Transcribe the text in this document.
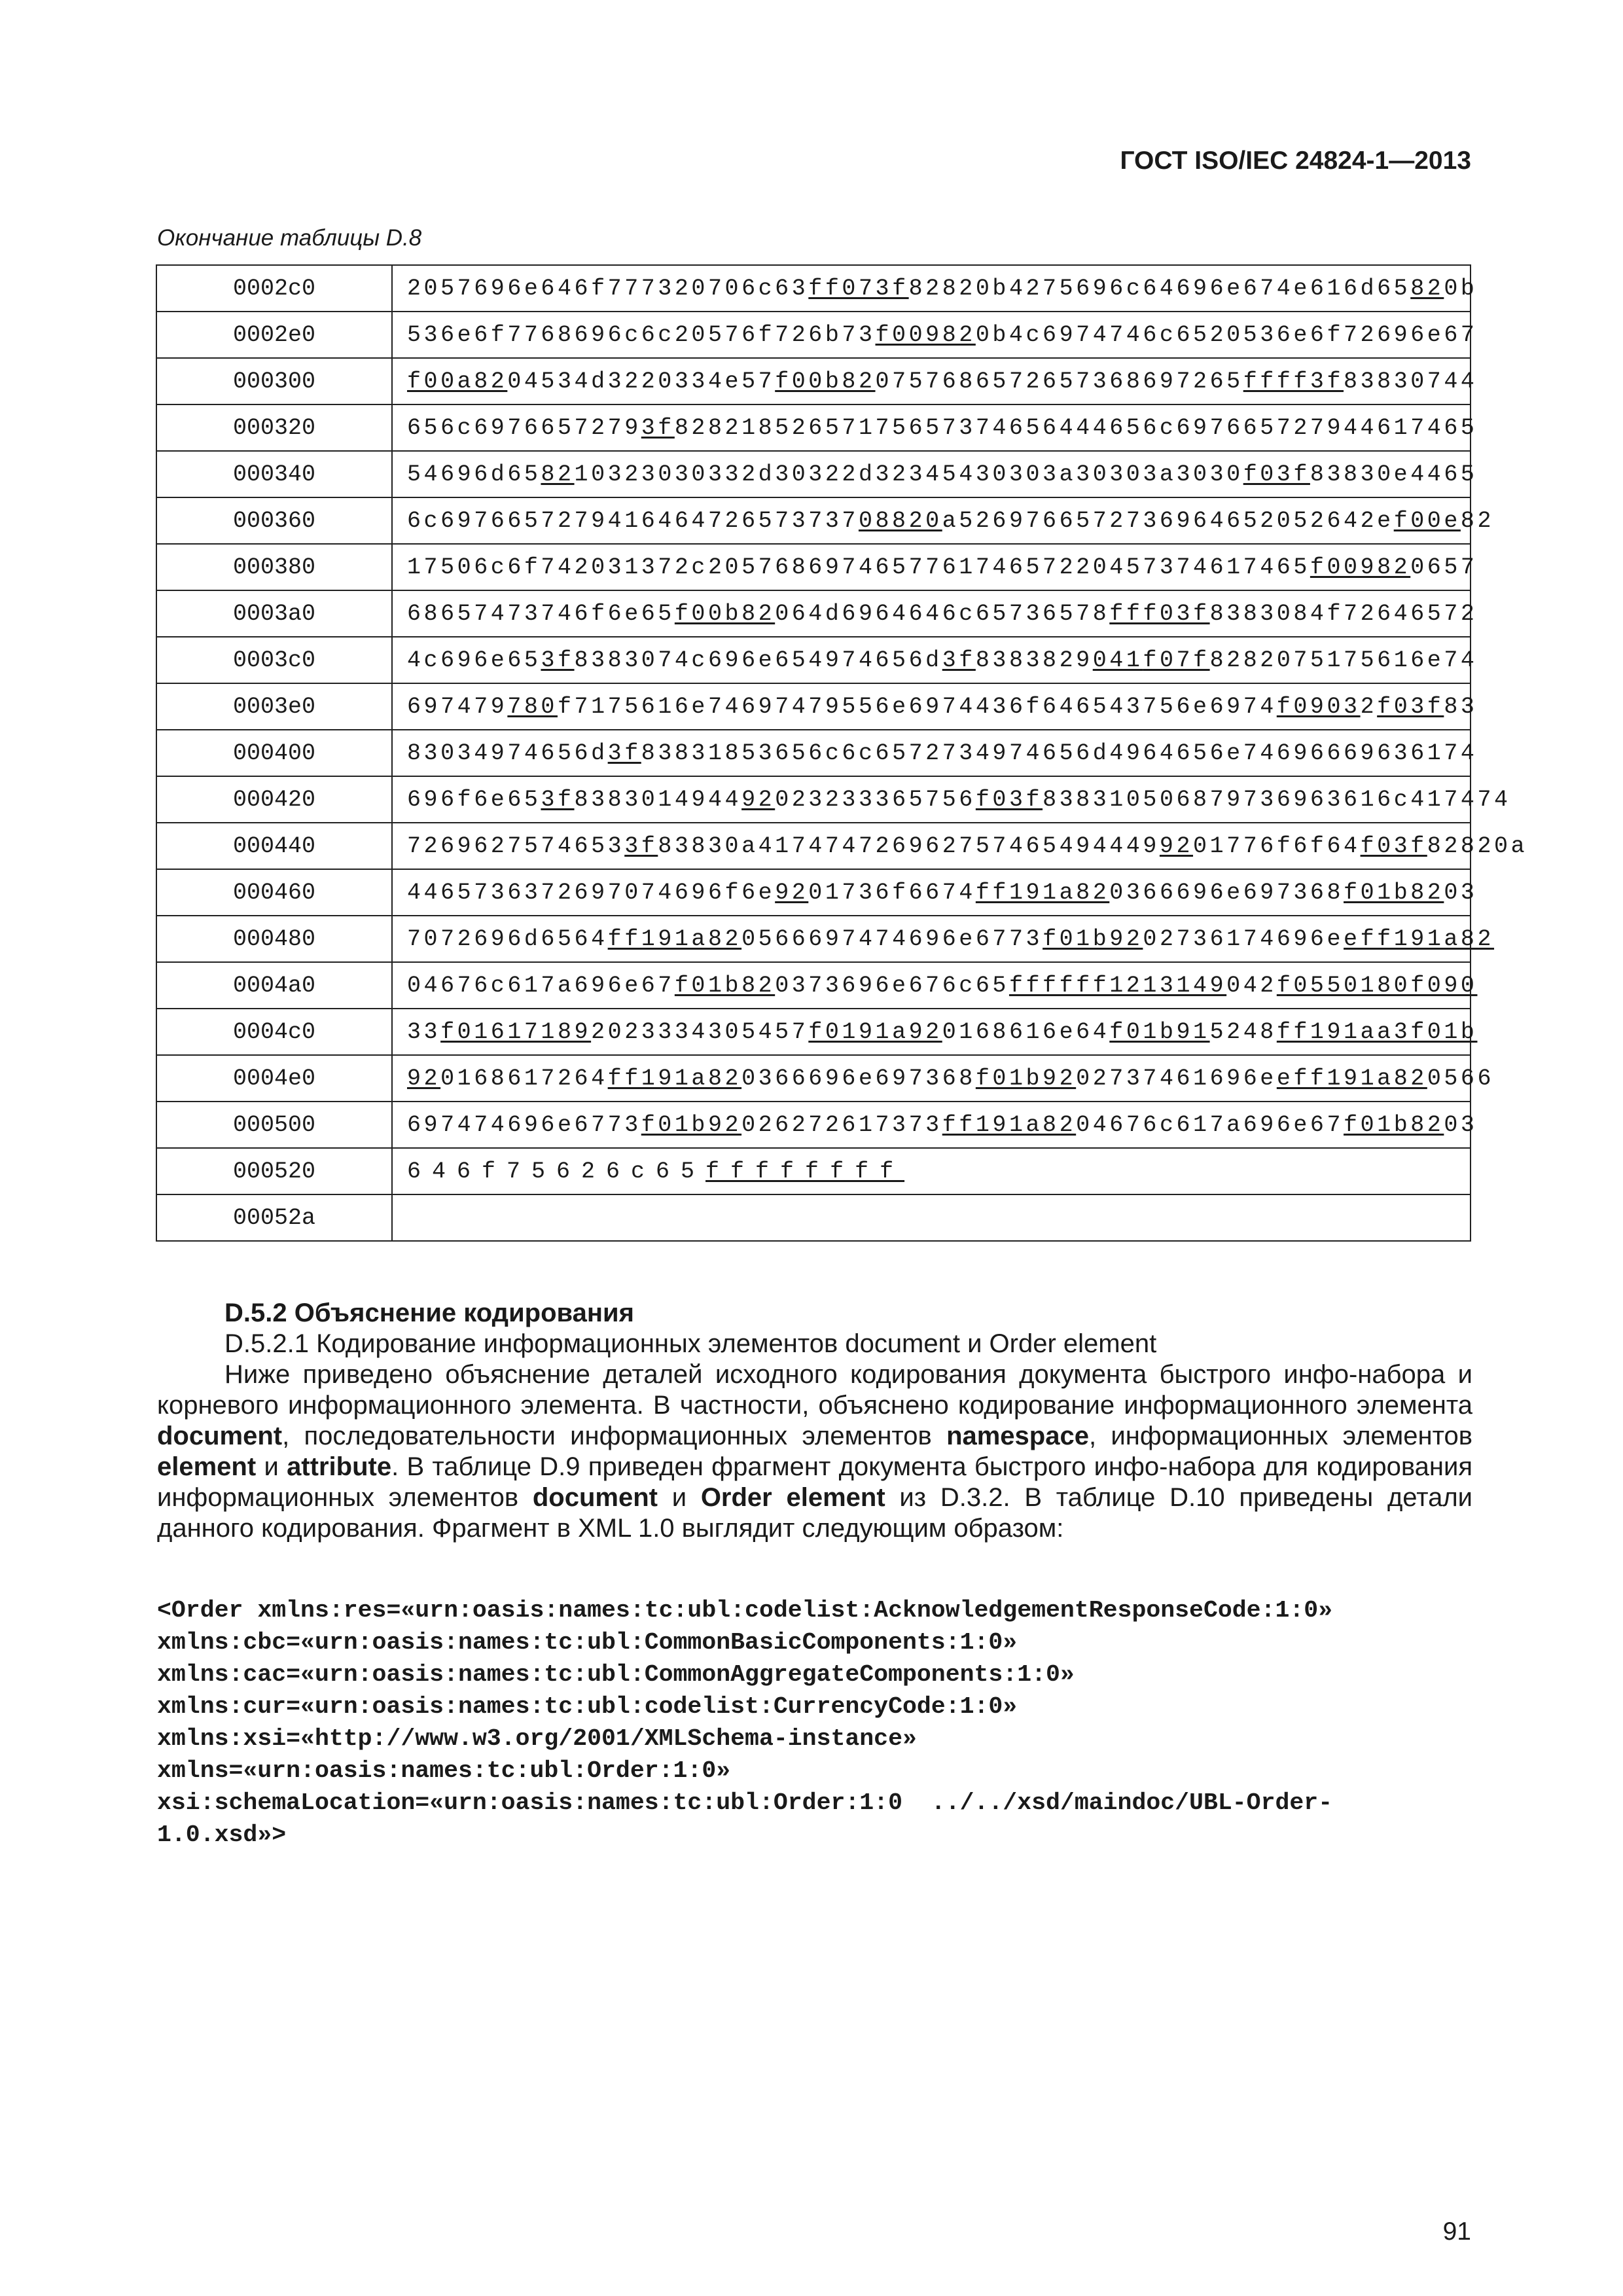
ГОСТ ISO/IEC 24824-1—2013
Окончание таблицы D.8
0002c0	2057696e646f777320706c63ff073f82820b4275696c64696e674e616d65820b
0002e0	536e6f7768696c6c20576f726b73f009820b4c6974746c6520536e6f72696e67
000300	f00a8204534d3220334e57f00b820757686572657368697265ffff3f83830744
000320	656c69766572793f82821852657175657374656444656c697665727944617465
000340	54696d658210323030332d30322d32345430303a30303a3030f03f83830e4465
000360	6c697665727941646472657373708820a5269766572736964652052642ef00e82
000380	17506c6f742031372c205768697465776174657220457374617465f009820657
0003a0	68657473746f6e65f00b82064d6964646c65736578fff03f8383084f72646572
0003c0	4c696e653f8383074c696e654974656d3f8383829041f07f8282075175616e74
0003e0	697479780f7175616e74697479556e6974436f646543756e6974f09032f03f83
000400	83034974656d3f83831853656c6c6572734974656d4964656e74696669636174
000420	696f6e653f838301494492023233365756f03f838310506879736963616c417474
000440	72696275746533f83830a4174747269627574654944499201776f6f64f03f82820a
000460	4465736372697074696f6e9201736f6674ff191a820366696e697368f01b8203
000480	7072696d6564ff191a820566697474696e6773f01b9202736174696eeff191a82
0004a0	04676c617a696e67f01b820373696e676c65ffffff1213149042f0550180f090
0004c0	33f016171892023334305457f0191a920168616e64f01b915248ff191aa3f01b
0004e0	920168617264ff191a820366696e697368f01b9202737461696eeff191a820566
000500	697474696e6773f01b92026272617373ff191a8204676c617a696e67f01b8203
000520	646f75626c65ffffffff
00052a	

D.5.2 Объяснение кодирования

D.5.2.1 Кодирование информационных элементов document и Order element

Ниже приведено объяснение деталей исходного кодирования документа быстрого инфо-набора и корневого информационного элемента. В частности, объяснено кодирование информационного элемента document, последовательности информационных элементов namespace, информационных элементов element и attribute. В таблице D.9 приведен фрагмент документа быстрого инфо-набора для кодирования информационных элементов document и Order element из D.3.2. В таблице D.10 приведены детали данного кодирования. Фрагмент в XML 1.0 выглядит следующим образом:

<Order xmlns:res=«urn:oasis:names:tc:ubl:codelist:AcknowledgementResponseCode:1:0»
xmlns:cbc=«urn:oasis:names:tc:ubl:CommonBasicComponents:1:0»
xmlns:cac=«urn:oasis:names:tc:ubl:CommonAggregateComponents:1:0»
xmlns:cur=«urn:oasis:names:tc:ubl:codelist:CurrencyCode:1:0»
xmlns:xsi=«http://www.w3.org/2001/XMLSchema-instance»
xmlns=«urn:oasis:names:tc:ubl:Order:1:0»
xsi:schemaLocation=«urn:oasis:names:tc:ubl:Order:1:0  ../../xsd/maindoc/UBL-Order-
1.0.xsd»>
91
